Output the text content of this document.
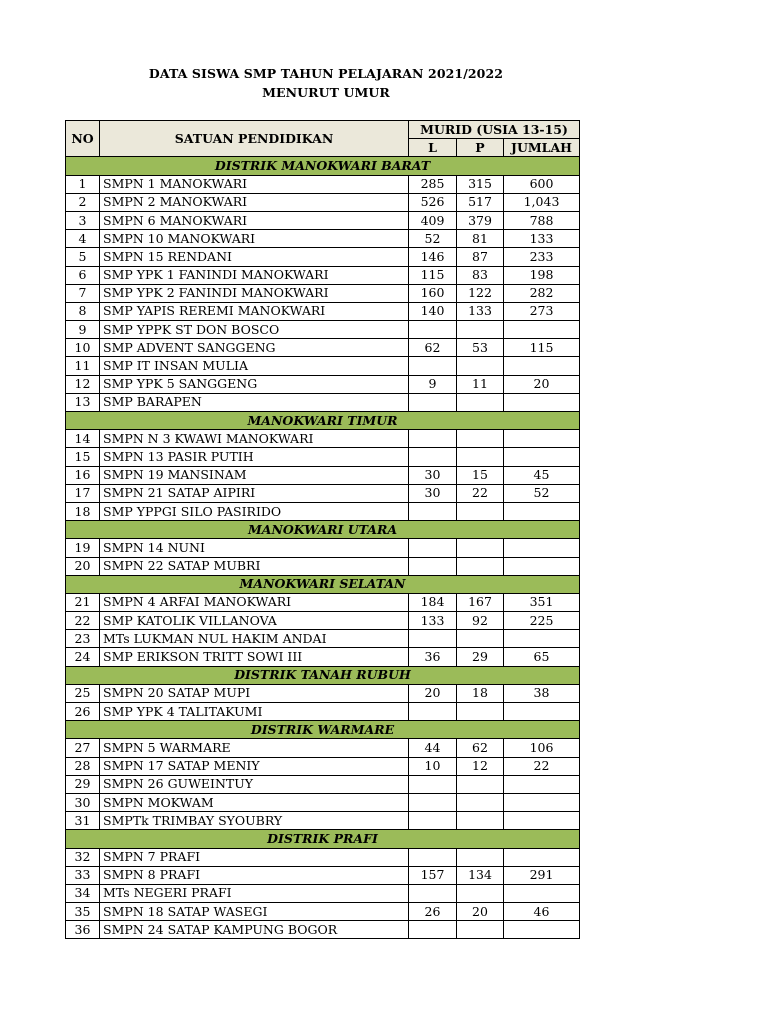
DATA SISWA SMP TAHUN PELAJARAN 2021/2022
MENURUT UMUR
NO	SATUAN PENDIDIKAN	MURID (USIA 13-15)		
		L	P	JUMLAH
DISTRIK MANOKWARI BARAT				
1	SMPN 1 MANOKWARI	285	315	600
2	SMPN 2 MANOKWARI	526	517	1,043
3	SMPN 6 MANOKWARI	409	379	788
4	SMPN 10 MANOKWARI	52	81	133
5	SMPN 15 RENDANI	146	87	233
6	SMP YPK 1 FANINDI MANOKWARI	115	83	198
7	SMP YPK 2 FANINDI MANOKWARI	160	122	282
8	SMP YAPIS REREMI MANOKWARI	140	133	273
9	SMP YPPK ST DON BOSCO			
10	SMP ADVENT SANGGENG	62	53	115
11	SMP IT INSAN MULIA			
12	SMP YPK 5 SANGGENG	9	11	20
13	SMP BARAPEN			
MANOKWARI TIMUR				
14	SMPN N 3 KWAWI MANOKWARI			
15	SMPN 13 PASIR PUTIH			
16	SMPN 19 MANSINAM	30	15	45
17	SMPN 21 SATAP AIPIRI	30	22	52
18	SMP YPPGI SILO PASIRIDO			
MANOKWARI UTARA				
19	SMPN 14 NUNI			
20	SMPN 22 SATAP MUBRI			
MANOKWARI SELATAN				
21	SMPN 4 ARFAI MANOKWARI	184	167	351
22	SMP KATOLIK VILLANOVA	133	92	225
23	MTs LUKMAN NUL HAKIM ANDAI			
24	SMP ERIKSON TRITT SOWI III	36	29	65
DISTRIK TANAH RUBUH				
25	SMPN 20 SATAP MUPI	20	18	38
26	SMP YPK 4 TALITAKUMI			
DISTRIK WARMARE				
27	SMPN 5 WARMARE	44	62	106
28	SMPN 17 SATAP MENIY	10	12	22
29	SMPN 26 GUWEINTUY			
30	SMPN MOKWAM			
31	SMPTk TRIMBAY SYOUBRY			
DISTRIK PRAFI				
32	SMPN 7 PRAFI			
33	SMPN 8 PRAFI	157	134	291
34	MTs NEGERI PRAFI			
35	SMPN 18 SATAP WASEGI	26	20	46
36	SMPN 24 SATAP KAMPUNG BOGOR			
